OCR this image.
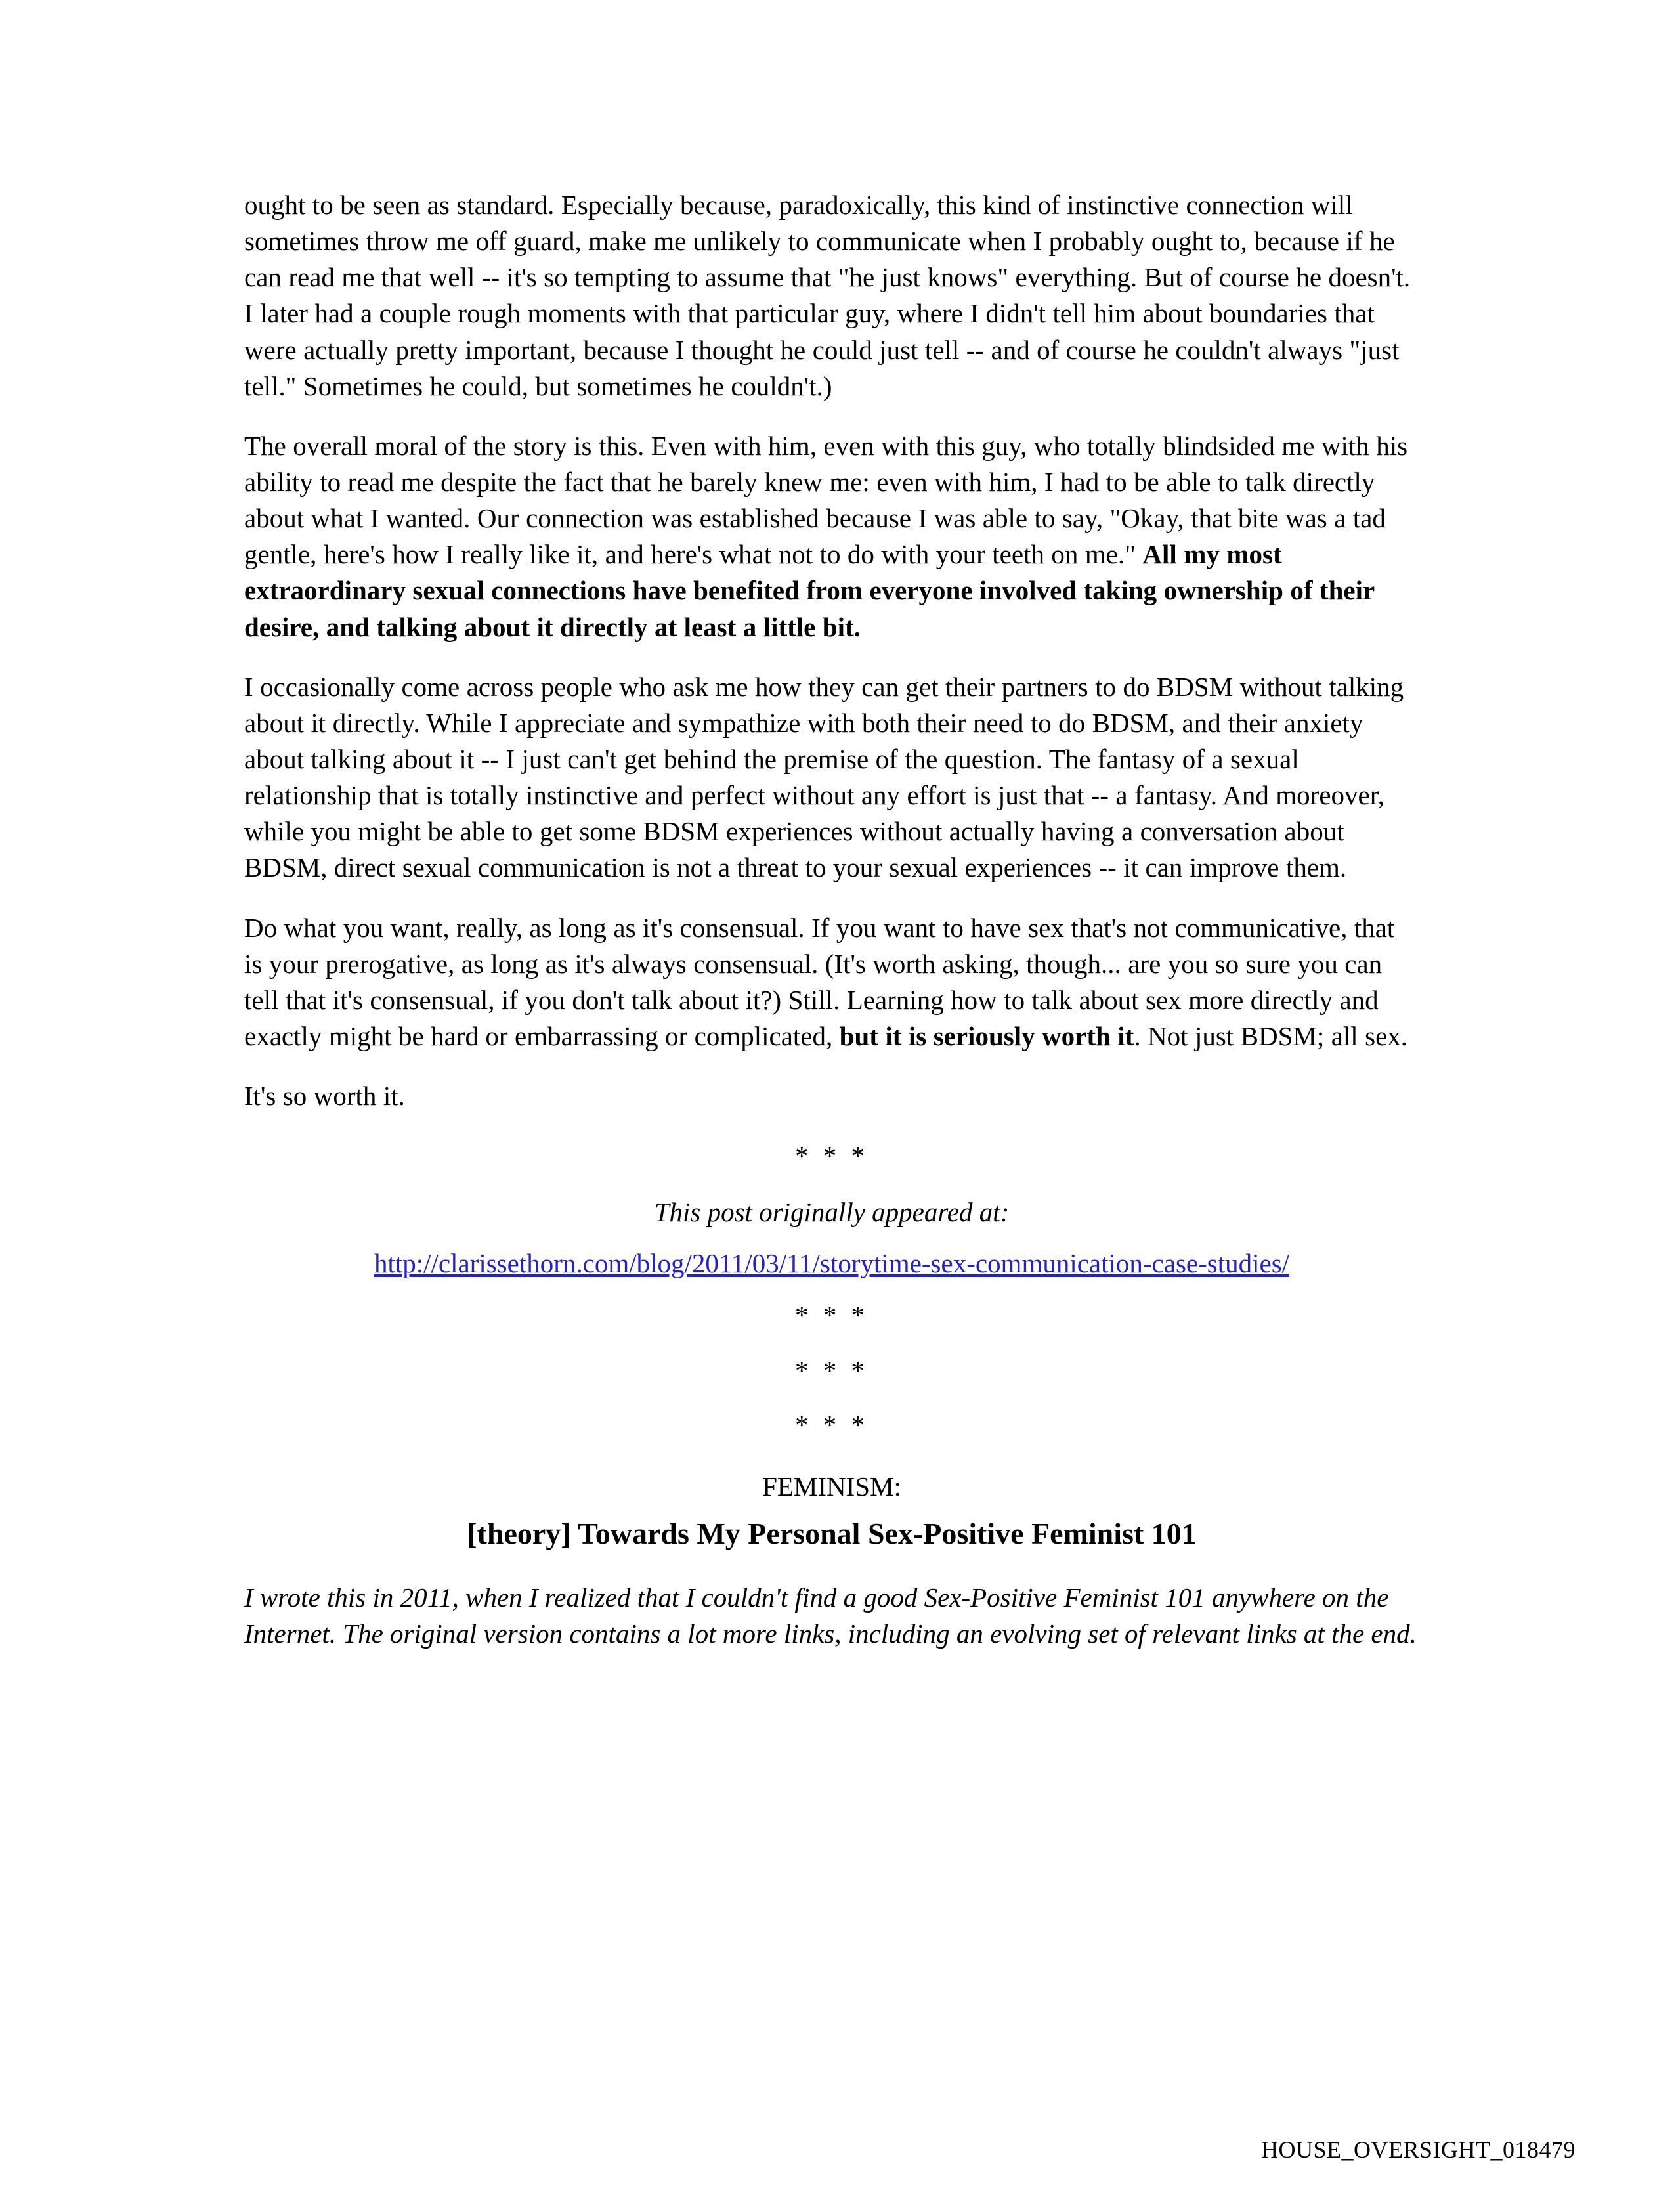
ought to be seen as standard. Especially because, paradoxically, this kind of instinctive connection will sometimes throw me off guard, make me unlikely to communicate when I probably ought to, because if he can read me that well -- it's so tempting to assume that "he just knows" everything. But of course he doesn't. I later had a couple rough moments with that particular guy, where I didn't tell him about boundaries that were actually pretty important, because I thought he could just tell -- and of course he couldn't always "just tell." Sometimes he could, but sometimes he couldn't.)

The overall moral of the story is this. Even with him, even with this guy, who totally blindsided me with his ability to read me despite the fact that he barely knew me: even with him, I had to be able to talk directly about what I wanted. Our connection was established because I was able to say, "Okay, that bite was a tad gentle, here's how I really like it, and here's what not to do with your teeth on me." All my most extraordinary sexual connections have benefited from everyone involved taking ownership of their desire, and talking about it directly at least a little bit.

I occasionally come across people who ask me how they can get their partners to do BDSM without talking about it directly. While I appreciate and sympathize with both their need to do BDSM, and their anxiety about talking about it -- I just can't get behind the premise of the question. The fantasy of a sexual relationship that is totally instinctive and perfect without any effort is just that -- a fantasy. And moreover, while you might be able to get some BDSM experiences without actually having a conversation about BDSM, direct sexual communication is not a threat to your sexual experiences -- it can improve them.

Do what you want, really, as long as it's consensual. If you want to have sex that's not communicative, that is your prerogative, as long as it's always consensual. (It's worth asking, though... are you so sure you can tell that it's consensual, if you don't talk about it?) Still. Learning how to talk about sex more directly and exactly might be hard or embarrassing or complicated, but it is seriously worth it. Not just BDSM; all sex.

It's so worth it.

* * *
This post originally appeared at:
http://clarissethorn.com/blog/2011/03/11/storytime-sex-communication-case-studies/
* * *
* * *
* * *
FEMINISM:
[theory] Towards My Personal Sex-Positive Feminist 101

I wrote this in 2011, when I realized that I couldn't find a good Sex-Positive Feminist 101 anywhere on the Internet. The original version contains a lot more links, including an evolving set of relevant links at the end.

HOUSE_OVERSIGHT_018479
